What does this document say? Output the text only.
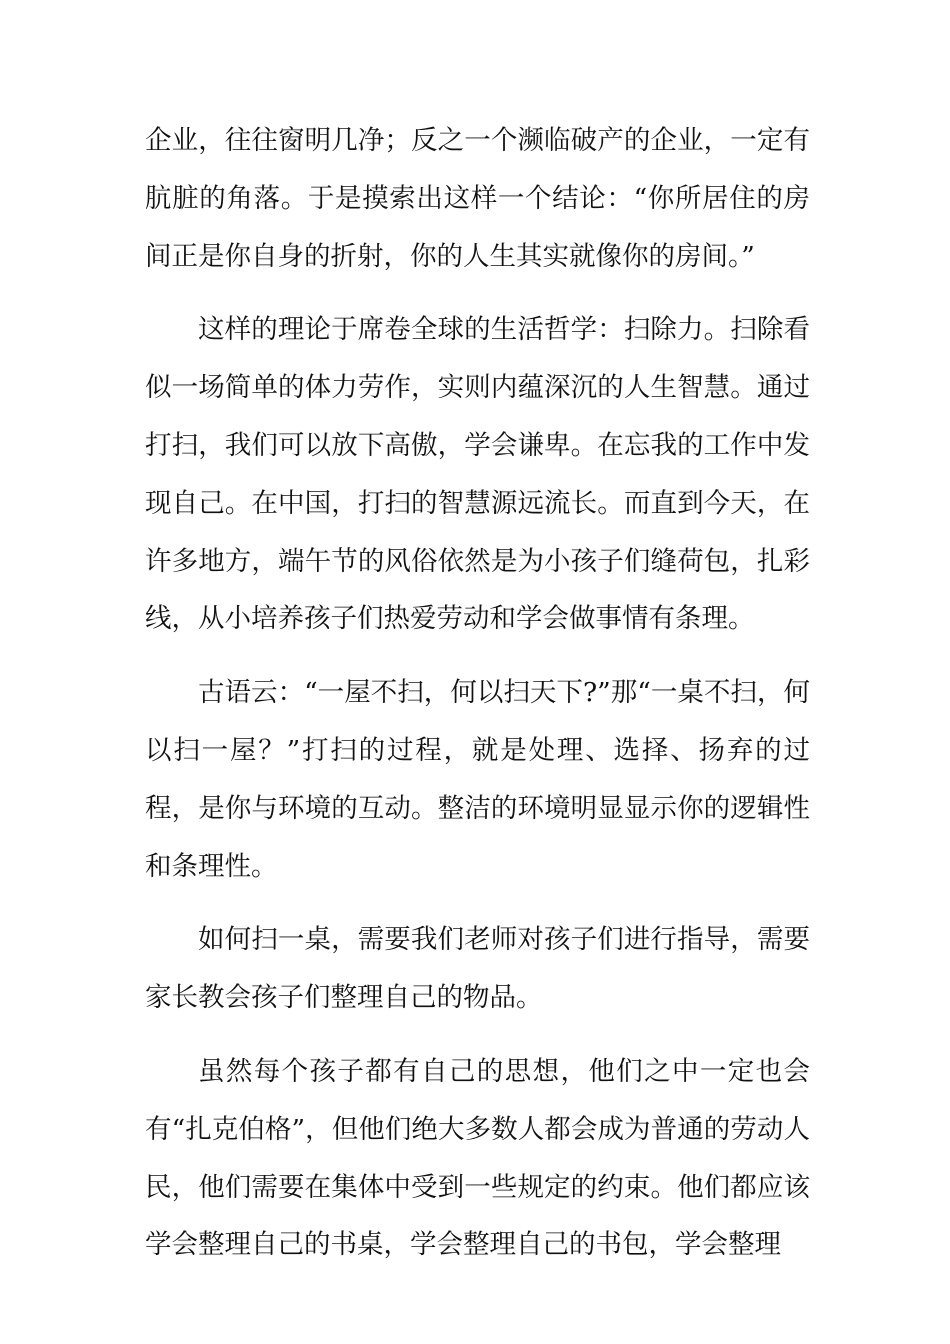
企业，往往窗明几净；反之一个濒临破产的企业，一定有肮脏的角落。于是摸索出这样一个结论：“你所居住的房间正是你自身的折射，你的人生其实就像你的房间。”

这样的理论于席卷全球的生活哲学：扫除力。扫除看似一场简单的体力劳作，实则内蕴深沉的人生智慧。通过打扫，我们可以放下高傲，学会谦卑。在忘我的工作中发现自己。在中国，打扫的智慧源远流长。而直到今天，在许多地方，端午节的风俗依然是为小孩子们缝荷包，扎彩线，从小培养孩子们热爱劳动和学会做事情有条理。

古语云：“一屋不扫，何以扫天下?”那“一桌不扫，何以扫一屋？”打扫的过程，就是处理、选择、扬弃的过程，是你与环境的互动。整洁的环境明显显示你的逻辑性和条理性。

如何扫一桌，需要我们老师对孩子们进行指导，需要家长教会孩子们整理自己的物品。

虽然每个孩子都有自己的思想，他们之中一定也会有“扎克伯格”，但他们绝大多数人都会成为普通的劳动人民，他们需要在集体中受到一些规定的约束。他们都应该学会整理自己的书桌，学会整理自己的书包，学会整理
